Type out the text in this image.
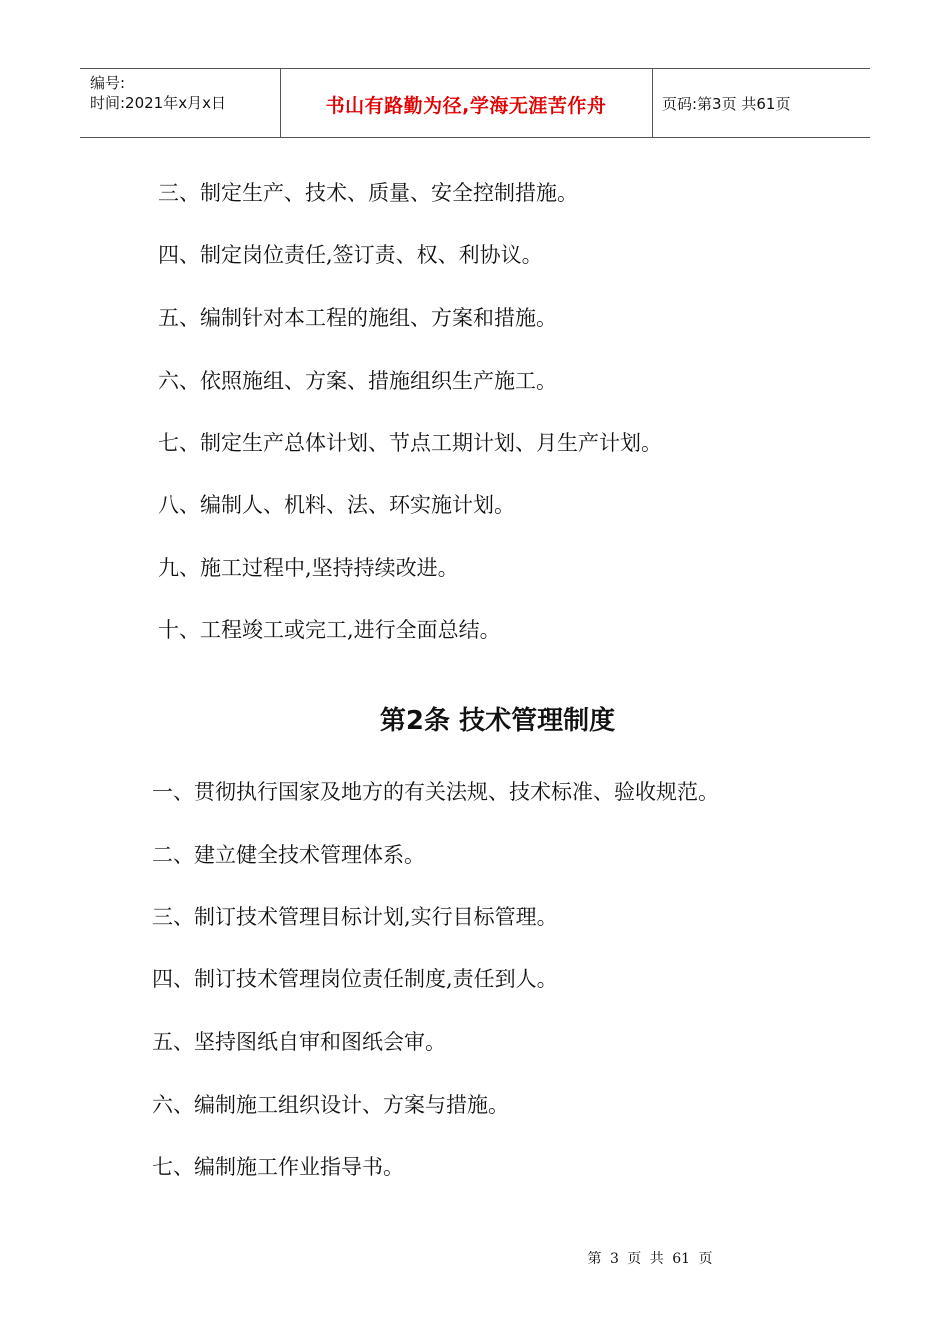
编号:
时间:2021年x月x日	书山有路勤为径,学海无涯苦作舟	页码:第3页 共61页
三、制定生产、技术、质量、安全控制措施。
四、制定岗位责任,签订责、权、利协议。
五、编制针对本工程的施组、方案和措施。
六、依照施组、方案、措施组织生产施工。
七、制定生产总体计划、节点工期计划、月生产计划。
八、编制人、机料、法、环实施计划。
九、施工过程中,坚持持续改进。
十、工程竣工或完工,进行全面总结。
第2条 技术管理制度
一、贯彻执行国家及地方的有关法规、技术标准、验收规范。
二、建立健全技术管理体系。
三、制订技术管理目标计划,实行目标管理。
四、制订技术管理岗位责任制度,责任到人。
五、坚持图纸自审和图纸会审。
六、编制施工组织设计、方案与措施。
七、编制施工作业指导书。
第 3 页 共 61 页
